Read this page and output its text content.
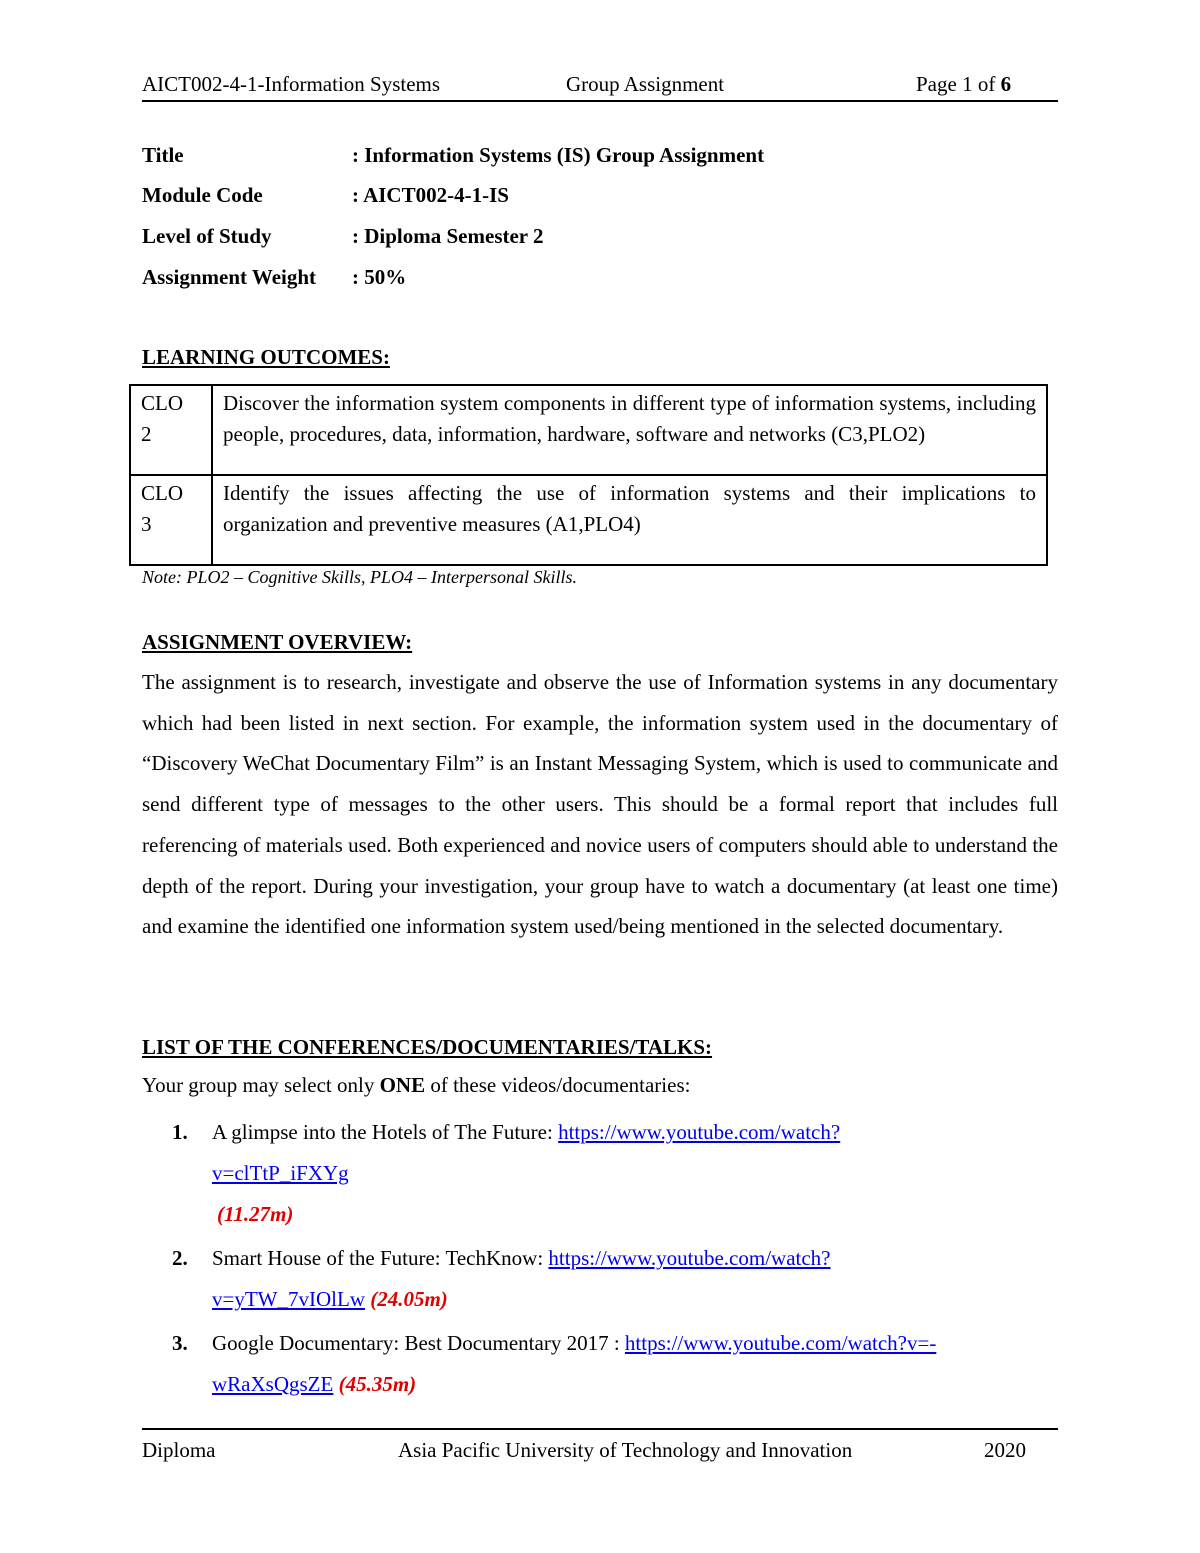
AICT002-4-1-Information Systems	Group Assignment	Page 1 of 6
Title	: Information Systems (IS) Group Assignment
Module Code	: AICT002-4-1-IS
Level of Study	: Diploma Semester 2
Assignment Weight : 50%
LEARNING OUTCOMES:
CLO
2	Discover the information system components in different type of information systems, including people, procedures, data, information, hardware, software and networks (C3,PLO2)
CLO
3	Identify the issues affecting the use of information systems and their implications to organization and preventive measures (A1,PLO4)
Note: PLO2 – Cognitive Skills, PLO4 – Interpersonal Skills.
ASSIGNMENT OVERVIEW:
The assignment is to research, investigate and observe the use of Information systems in any documentary which had been listed in next section. For example, the information system used in the documentary of “Discovery WeChat Documentary Film” is an Instant Messaging System, which is used to communicate and send different type of messages to the other users. This should be a formal report that includes full referencing of materials used. Both experienced and novice users of computers should able to understand the depth of the report. During your investigation, your group have to watch a documentary (at least one time) and examine the identified one information system used/being mentioned in the selected documentary.
LIST OF THE CONFERENCES/DOCUMENTARIES/TALKS:
Your group may select only ONE of these videos/documentaries:
1. A glimpse into the Hotels of The Future: https://www.youtube.com/watch?
v=clTtP_iFXYg
(11.27m)
2. Smart House of the Future: TechKnow: https://www.youtube.com/watch?
v=yTW_7vIOlLw (24.05m)
3. Google Documentary: Best Documentary 2017 : https://www.youtube.com/watch?v=-
wRaXsQgsZE (45.35m)
Diploma	Asia Pacific University of Technology and Innovation	2020
